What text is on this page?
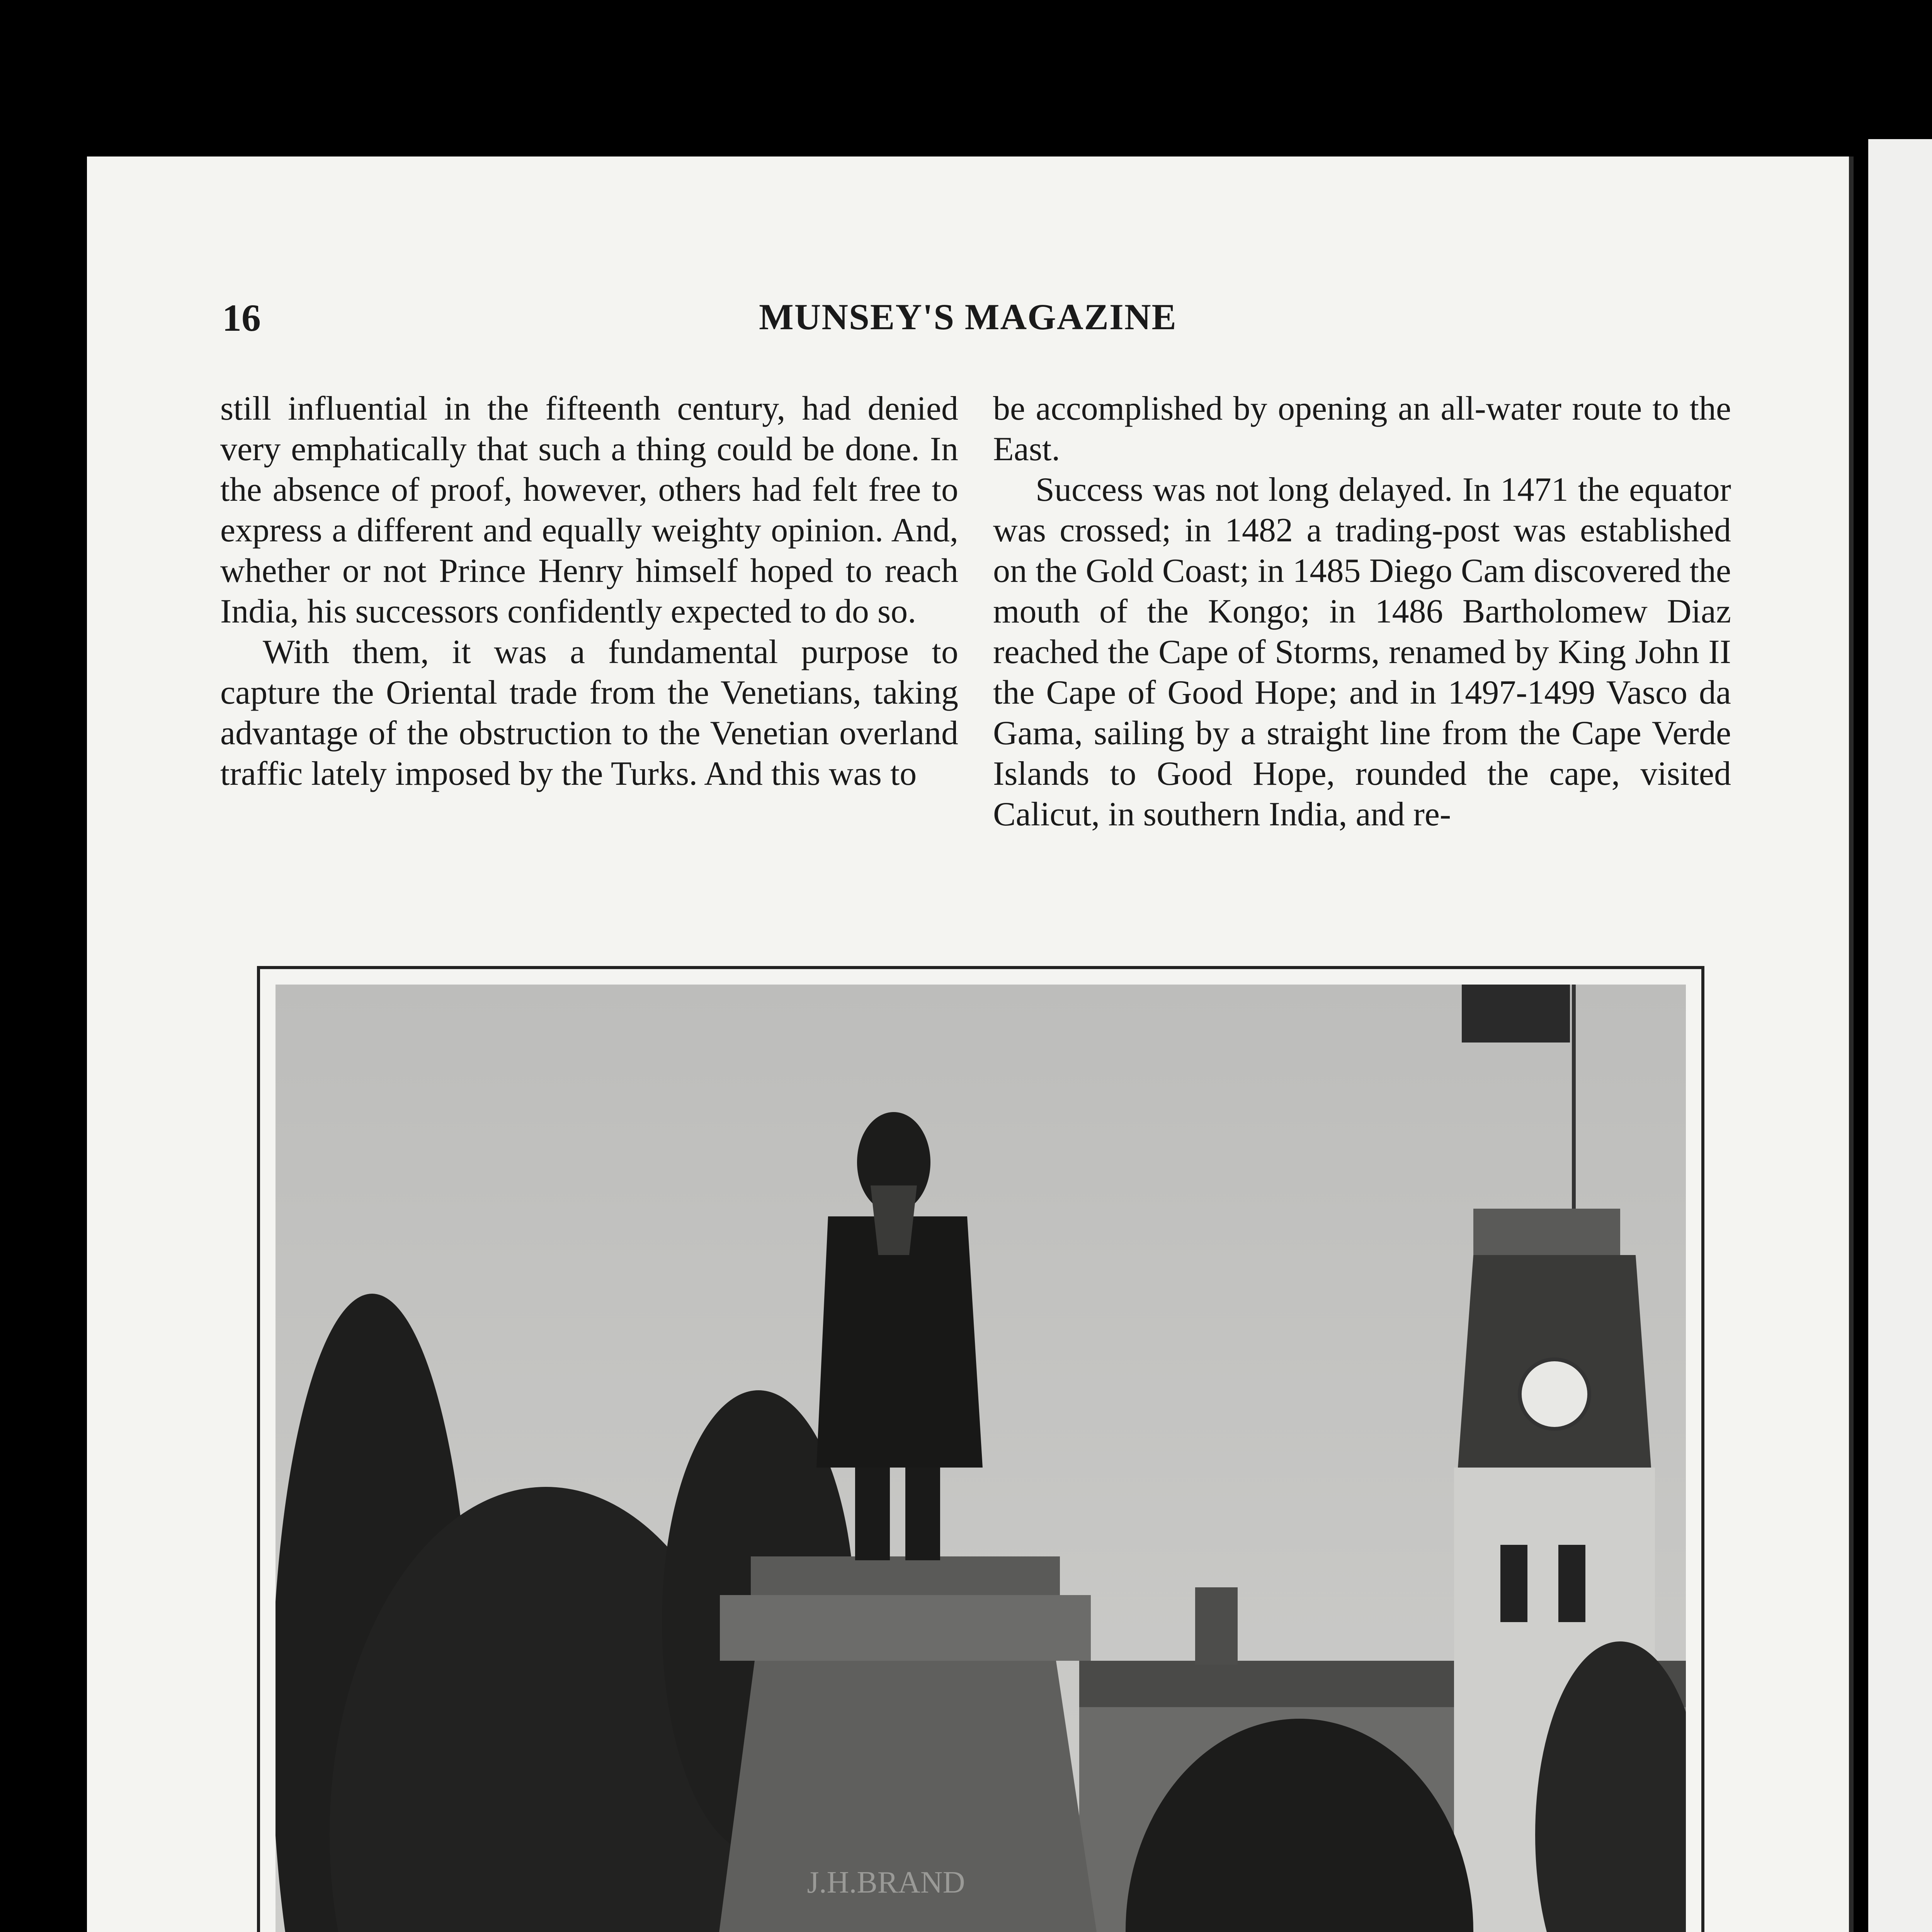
16	MUNSEY'S MAGAZINE

still influential in the fifteenth century, had denied very emphatically that such a thing could be done. In the absence of proof, however, others had felt free to express a different and equally weighty opinion. And, whether or not Prince Henry himself hoped to reach India, his successors confidently expected to do so.

With them, it was a fundamental purpose to capture the Oriental trade from the Venetians, taking advantage of the obstruction to the Venetian overland traffic lately imposed by the Turks. And this was to

be accomplished by opening an all-water route to the East.

Success was not long delayed. In 1471 the equator was crossed; in 1482 a trading-post was established on the Gold Coast; in 1485 Diego Cam discovered the mouth of the Kongo; in 1486 Bartholomew Diaz reached the Cape of Storms, renamed by King John II the Cape of Good Hope; and in 1497-1499 Vasco da Gama, sailing by a straight line from the Cape Verde Islands to Good Hope, rounded the cape, visited Calicut, in southern India, and re-

J.H.BRAND
